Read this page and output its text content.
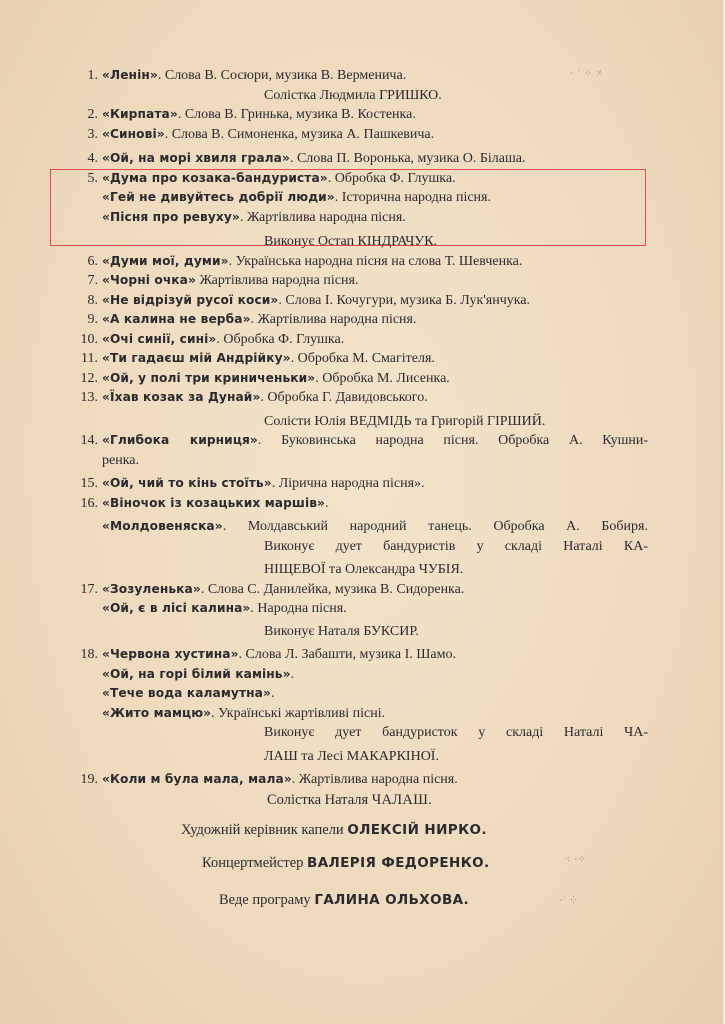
· ˙ ⁘ ⸓
⁖ ⸱⁘
⸱˙ ⁛
1. «Ленін». Слова В. Сосюри, музика В. Верменича.
Солістка Людмила ГРИШКО.
2. «Кирпата». Слова В. Гринька, музика В. Костенка.
3. «Синові». Слова В. Симоненка, музика А. Пашкевича.
4. «Ой, на морі хвиля грала». Слова П. Воронька, музика О. Білаша.
5. «Дума про козака-бандуриста». Обробка Ф. Глушка.
«Гей не дивуйтесь добрії люди». Історична народна пісня.
«Пісня про ревуху». Жартівлива народна пісня.
Виконує Остап КІНДРАЧУК.
6. «Думи мої, думи». Українська народна пісня на слова Т. Шевченка.
7. «Чорні очка» Жартівлива народна пісня.
8. «Не відрізуй русої коси». Слова І. Кочугури, музика Б. Лук'янчука.
9. «А калина не верба». Жартівлива народна пісня.
10. «Очі синії, сині». Обробка Ф. Глушка.
11. «Ти гадаєш мій Андрійку». Обробка М. Смагітеля.
12. «Ой, у полі три криниченьки». Обробка М. Лисенка.
13. «Їхав козак за Дунай». Обробка Г. Давидовського.
Солісти Юлія ВЕДМІДЬ та Григорій ГІРШИЙ.
14. «Глибока кирниця». Буковинська народна пісня. Обробка А. Кушни-
ренка.
15. «Ой, чий то кінь стоїть». Лірична народна пісня».
16. «Віночок із козацьких маршів».
«Молдовеняска». Молдавський народний танець. Обробка А. Бобиря.
Виконує дует бандуристів у складі Наталі КА-
НІЩЕВОЇ та Олександра ЧУБІЯ.
17. «Зозуленька». Слова С. Данилейка, музика В. Сидоренка.
«Ой, є в лісі калина». Народна пісня.
Виконує Наталя БУКСИР.
18. «Червона хустина». Слова Л. Забашти, музика І. Шамо.
«Ой, на горі білий камінь».
«Тече вода каламутна».
«Жито мамцю». Українські жартівливі пісні.
Виконує дует бандуристок у складі Наталі ЧА-
ЛАШ та Лесі МАКАРКІНОЇ.
19. «Коли м була мала, мала». Жартівлива народна пісня.
Солістка Наталя ЧАЛАШ.
Художній керівник капели ОЛЕКСІЙ НИРКО.
Концертмейстер ВАЛЕРІЯ ФЕДОРЕНКО.
Веде програму ГАЛИНА ОЛЬХОВА.
